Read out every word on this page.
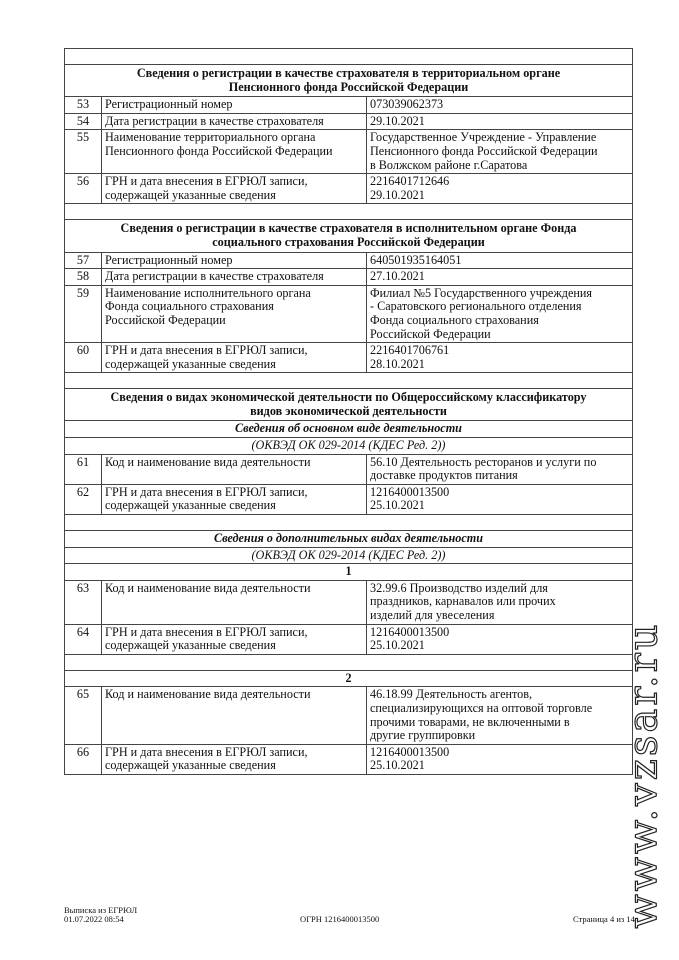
Сведения о регистрации в качестве страхователя в территориальном органе
Пенсионного фонда Российской Федерации		

53	Регистрационный номер	073039062373

54	Дата регистрации в качестве страхователя	29.10.2021

55	Наименование территориального органа
Пенсионного фонда Российской Федерации	Государственное Учреждение - Управление
Пенсионного фонда Российской Федерации
в Волжском районе г.Саратова

56	ГРН и дата внесения в ЕГРЮЛ записи,
содержащей указанные сведения	2216401712646
29.10.2021

Сведения о регистрации в качестве страхователя в исполнительном органе Фонда
социального страхования Российской Федерации		

57	Регистрационный номер	640501935164051

58	Дата регистрации в качестве страхователя	27.10.2021

59	Наименование исполнительного органа
Фонда социального страхования
Российской Федерации	Филиал №5 Государственного учреждения
- Саратовского регионального отделения
Фонда социального страхования
Российской Федерации

60	ГРН и дата внесения в ЕГРЮЛ записи,
содержащей указанные сведения	2216401706761
28.10.2021

Сведения о видах экономической деятельности по Общероссийскому классификатору
видов экономической деятельности		

Сведения об основном виде деятельности		
(ОКВЭД ОК 029-2014 (КДЕС Ред. 2))		
61	Код и наименование вида деятельности	56.10 Деятельность ресторанов и услуги по
доставке продуктов питания

62	ГРН и дата внесения в ЕГРЮЛ записи,
содержащей указанные сведения	1216400013500
25.10.2021

Сведения о дополнительных видах деятельности		
(ОКВЭД ОК 029-2014 (КДЕС Ред. 2))		
1		
63	Код и наименование вида деятельности	32.99.6 Производство изделий для
праздников, карнавалов или прочих
изделий для увеселения

64	ГРН и дата внесения в ЕГРЮЛ записи,
содержащей указанные сведения	1216400013500
25.10.2021

2		
65	Код и наименование вида деятельности	46.18.99 Деятельность агентов,
специализирующихся на оптовой торговле
прочими товарами, не включенными в
другие группировки

66	ГРН и дата внесения в ЕГРЮЛ записи,
содержащей указанные сведения	1216400013500
25.10.2021	www.vzsar.ru
Выписка из ЕГРЮЛ
01.07.2022 08:54	ОГРН 1216400013500	Страница 4 из 14
